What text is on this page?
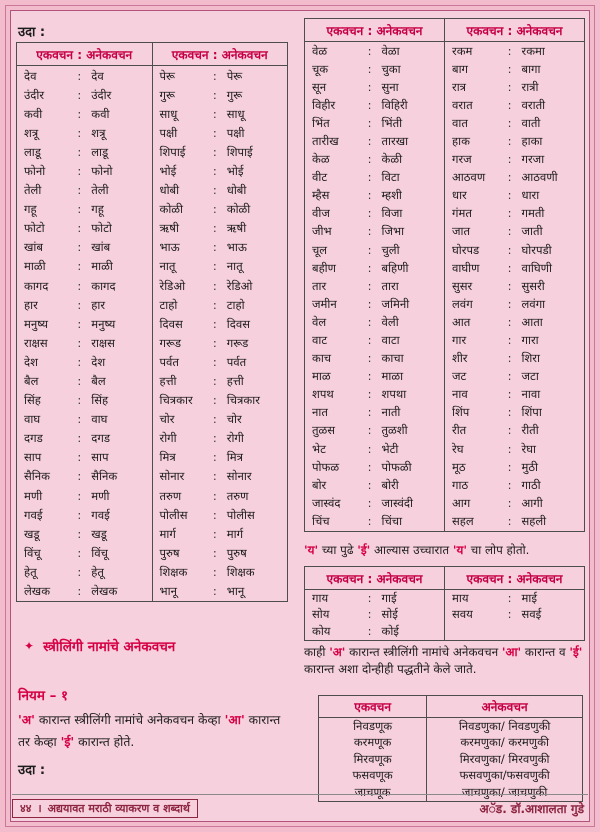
उदा :
एकवचन : अनेकवचन		एकवचन : अनेकवचन	
देव :	देव	पेरू :	पेरू
उंदीर :	उंदीर	गुरू :	गुरू
कवी :	कवी	साधू :	साधू
शत्रू :	शत्रू	पक्षी :	पक्षी
लाडू :	लाडू	शिपाई :	शिपाई
फोनो :	फोनो	भोई :	भोई
तेली :	तेली	धोबी :	धोबी
गहू :	गहू	कोळी :	कोळी
फोटो :	फोटो	ऋषी :	ऋषी
खांब :	खांब	भाऊ :	भाऊ
माळी :	माळी	नातू :	नातू
कागद :	कागद	रेडिओ :	रेडिओ
हार :	हार	टाहो :	टाहो
मनुष्य :	मनुष्य	दिवस :	दिवस
राक्षस :	राक्षस	गरूड :	गरूड
देश :	देश	पर्वत :	पर्वत
बैल :	बैल	हत्ती :	हत्ती
सिंह :	सिंह	चित्रकार :	चित्रकार
वाघ :	वाघ	चोर :	चोर
दगड :	दगड	रोगी :	रोगी
साप :	साप	मित्र :	मित्र
सैनिक :	सैनिक	सोनार :	सोनार
मणी :	मणी	तरुण :	तरुण
गवई :	गवई	पोलीस :	पोलीस
खडू :	खडू	मार्ग :	मार्ग
विंचू :	विंचू	पुरुष :	पुरुष
हेतू :	हेतू	शिक्षक :	शिक्षक
लेखक :	लेखक	भानू :	भानू
एकवचन : अनेकवचन		एकवचन : अनेकवचन	
वेळ :	वेळा	रकम :	रकमा
चूक :	चुका	बाग :	बागा
सून :	सुना	रात्र :	रात्री
विहीर :	विहिरी	वरात :	वराती
भिंत :	भिंती	वात :	वाती
तारीख :	तारखा	हाक :	हाका
केळ :	केळी	गरज :	गरजा
वीट :	विटा	आठवण :	आठवणी
म्हैस :	म्हशी	धार :	धारा
वीज :	विजा	गंमत :	गमती
जीभ :	जिभा	जात :	जाती
चूल :	चुली	घोरपड :	घोरपडी
बहीण :	बहिणी	वाघीण :	वाघिणी
तार :	तारा	सुसर :	सुसरी
जमीन :	जमिनी	लवंग :	लवंगा
वेल :	वेली	आत :	आता
वाट :	वाटा	गार :	गारा
काच :	काचा	शीर :	शिरा
माळ :	माळा	जट :	जटा
शपथ :	शपथा	नाव :	नावा
नात :	नाती	शिंप :	शिंपा
तुळस :	तुळशी	रीत :	रीती
भेट :	भेटी	रेघ :	रेघा
पोफळ :	पोफळी	मूठ :	मुठी
बोर :	बोरी	गाठ :	गाठी
जास्वंद :	जास्वंदी	आग :	आगी
चिंच :	चिंचा	सहल :	सहली
'य' च्या पुढे 'ई' आल्यास उच्चारात 'य' चा लोप होतो.
एकवचन : अनेकवचन		एकवचन : अनेकवचन	
गाय :	गाई	माय :	माई
सोय :	सोई	सवय :	सवई
कोय :	कोई		
काही 'अ' कारान्त स्त्रीलिंगी नामांचे अनेकवचन 'आ' कारान्त व 'ई' कारान्त अशा दोन्हीही पद्धतीने केले जाते.
एकवचन	अनेकवचन
निवडणूक	निवडणुका/ निवडणुकी
करमणूक	करमणुका/ करमणुकी
मिरवणूक	मिरवणुका/ मिरवणुकी
फसवणूक	फसवणुका/फसवणुकी
जाचणूक	जाचणुका/ जाचणुकी
✦ स्त्रीलिंगी नामांचे अनेकवचन
नियम – १
'अ' कारान्त स्त्रीलिंगी नामांचे अनेकवचन केव्हा 'आ' कारान्त तर केव्हा 'ई' कारान्त होते.
उदा :
४४ । अद्ययावत मराठी व्याकरण व शब्दार्थ	अॅड. डॉ.आशालता गुडे
